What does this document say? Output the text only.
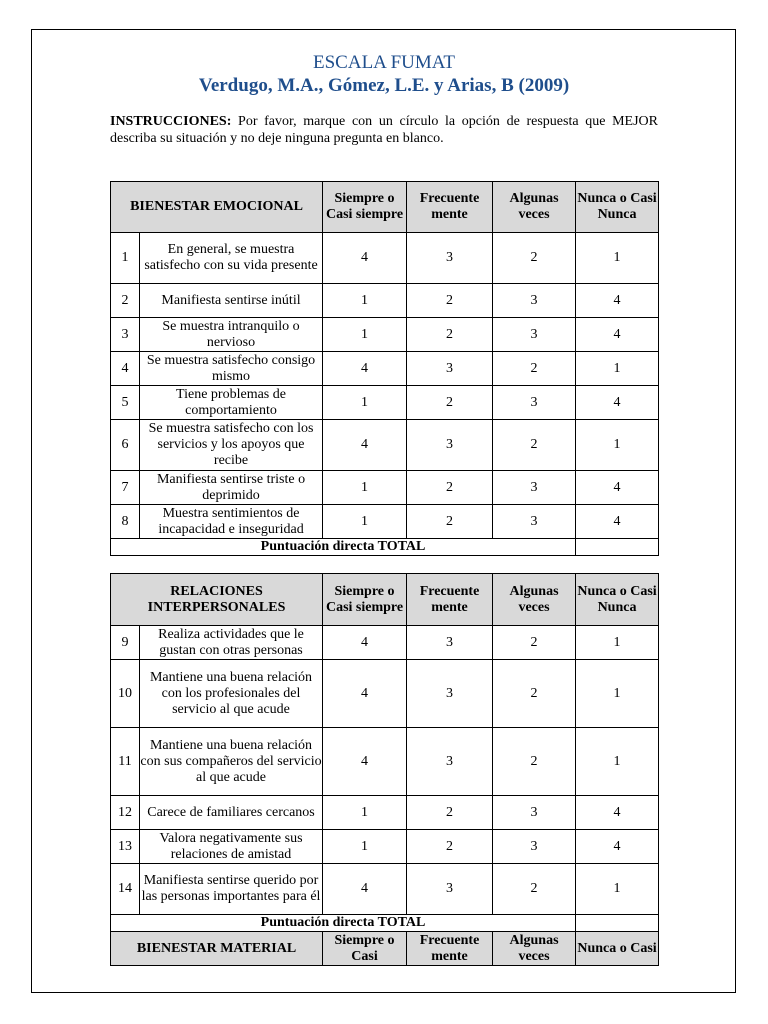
ESCALA FUMAT
Verdugo, M.A., Gómez, L.E. y Arias, B (2009)

INSTRUCCIONES: Por favor, marque con un círculo la opción de respuesta que MEJOR describa su situación y no deje ninguna pregunta en blanco.

BIENESTAR EMOCIONAL		Siempre o Casi siempre	Frecuente mente	Algunas veces	Nunca o Casi Nunca
1	En general, se muestra satisfecho con su vida presente	4	3	2	1
2	Manifiesta sentirse inútil	1	2	3	4
3	Se muestra intranquilo o nervioso	1	2	3	4
4	Se muestra satisfecho consigo mismo	4	3	2	1
5	Tiene problemas de comportamiento	1	2	3	4
6	Se muestra satisfecho con los servicios y los apoyos que recibe	4	3	2	1
7	Manifiesta sentirse triste o deprimido	1	2	3	4
8	Muestra sentimientos de incapacidad e inseguridad	1	2	3	4
Puntuación directa TOTAL					
RELACIONES INTERPERSONALES		Siempre o Casi siempre	Frecuente mente	Algunas veces	Nunca o Casi Nunca
9	Realiza actividades que le gustan con otras personas	4	3	2	1
10	Mantiene una buena relación con los profesionales del servicio al que acude	4	3	2	1
11	Mantiene una buena relación con sus compañeros del servicio al que acude	4	3	2	1
12	Carece de familiares cercanos	1	2	3	4
13	Valora negativamente sus relaciones de amistad	1	2	3	4
14	Manifiesta sentirse querido por las personas importantes para él	4	3	2	1
Puntuación directa TOTAL					
BIENESTAR MATERIAL		Siempre o Casi	Frecuente mente	Algunas veces	Nunca o Casi
